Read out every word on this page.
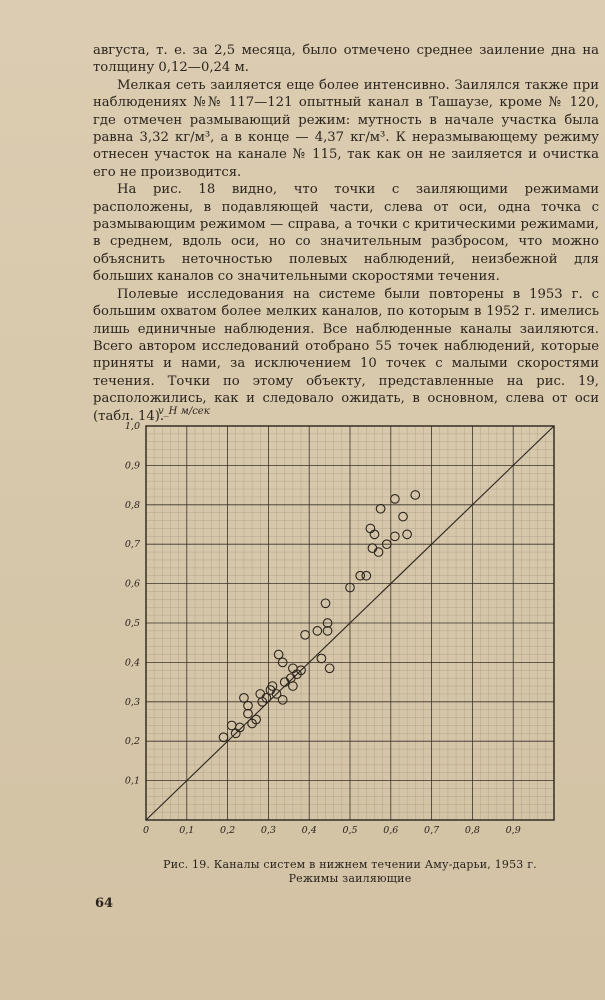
августа, т. е. за 2,5 месяца, было отмечено среднее заиление дна на толщину 0,12—0,24 м.

Мелкая сеть заиляется еще более интенсивно. Заилялся также при наблюдениях №№ 117—121 опытный канал в Ташаузе, кроме № 120, где отмечен размывающий режим: мутность в начале участка была равна 3,32 кг/м³, а в конце — 4,37 кг/м³. К неразмывающему режиму отнесен участок на канале № 115, так как он не заиляется и очистка его не производится.

На рис. 18 видно, что точки с заиляющими режимами расположены, в подавляющей части, слева от оси, одна точка с размывающим режимом — справа, а точки с критическими режимами, в среднем, вдоль оси, но со значительным разбросом, что можно объяснить неточностью полевых наблюдений, неизбежной для больших каналов со значительными скоростями течения.

Полевые исследования на системе были повторены в 1953 г. с большим охватом более мелких каналов, по которым в 1952 г. имелись лишь единичные наблюдения. Все наблюденные каналы заиляются. Всего автором исследований отобрано 55 точек наблюдений, которые приняты и нами, за исключением 10 точек с малыми скоростями течения. Точки по этому объекту, представленные на рис. 19, расположились, как и следовало ожидать, в основном, слева от оси (табл. 14).

0	0,1	0,2	0,3	0,4	0,5	0,6	0,7	0,8	0,9
0,1
0,2
0,3
0,4
0,5
0,6
0,7
0,8
0,9
1,0
v_H м/сек
Рис. 19. Каналы систем в нижнем течении Аму-дарьи, 1953 г.
Режимы заиляющие
64
